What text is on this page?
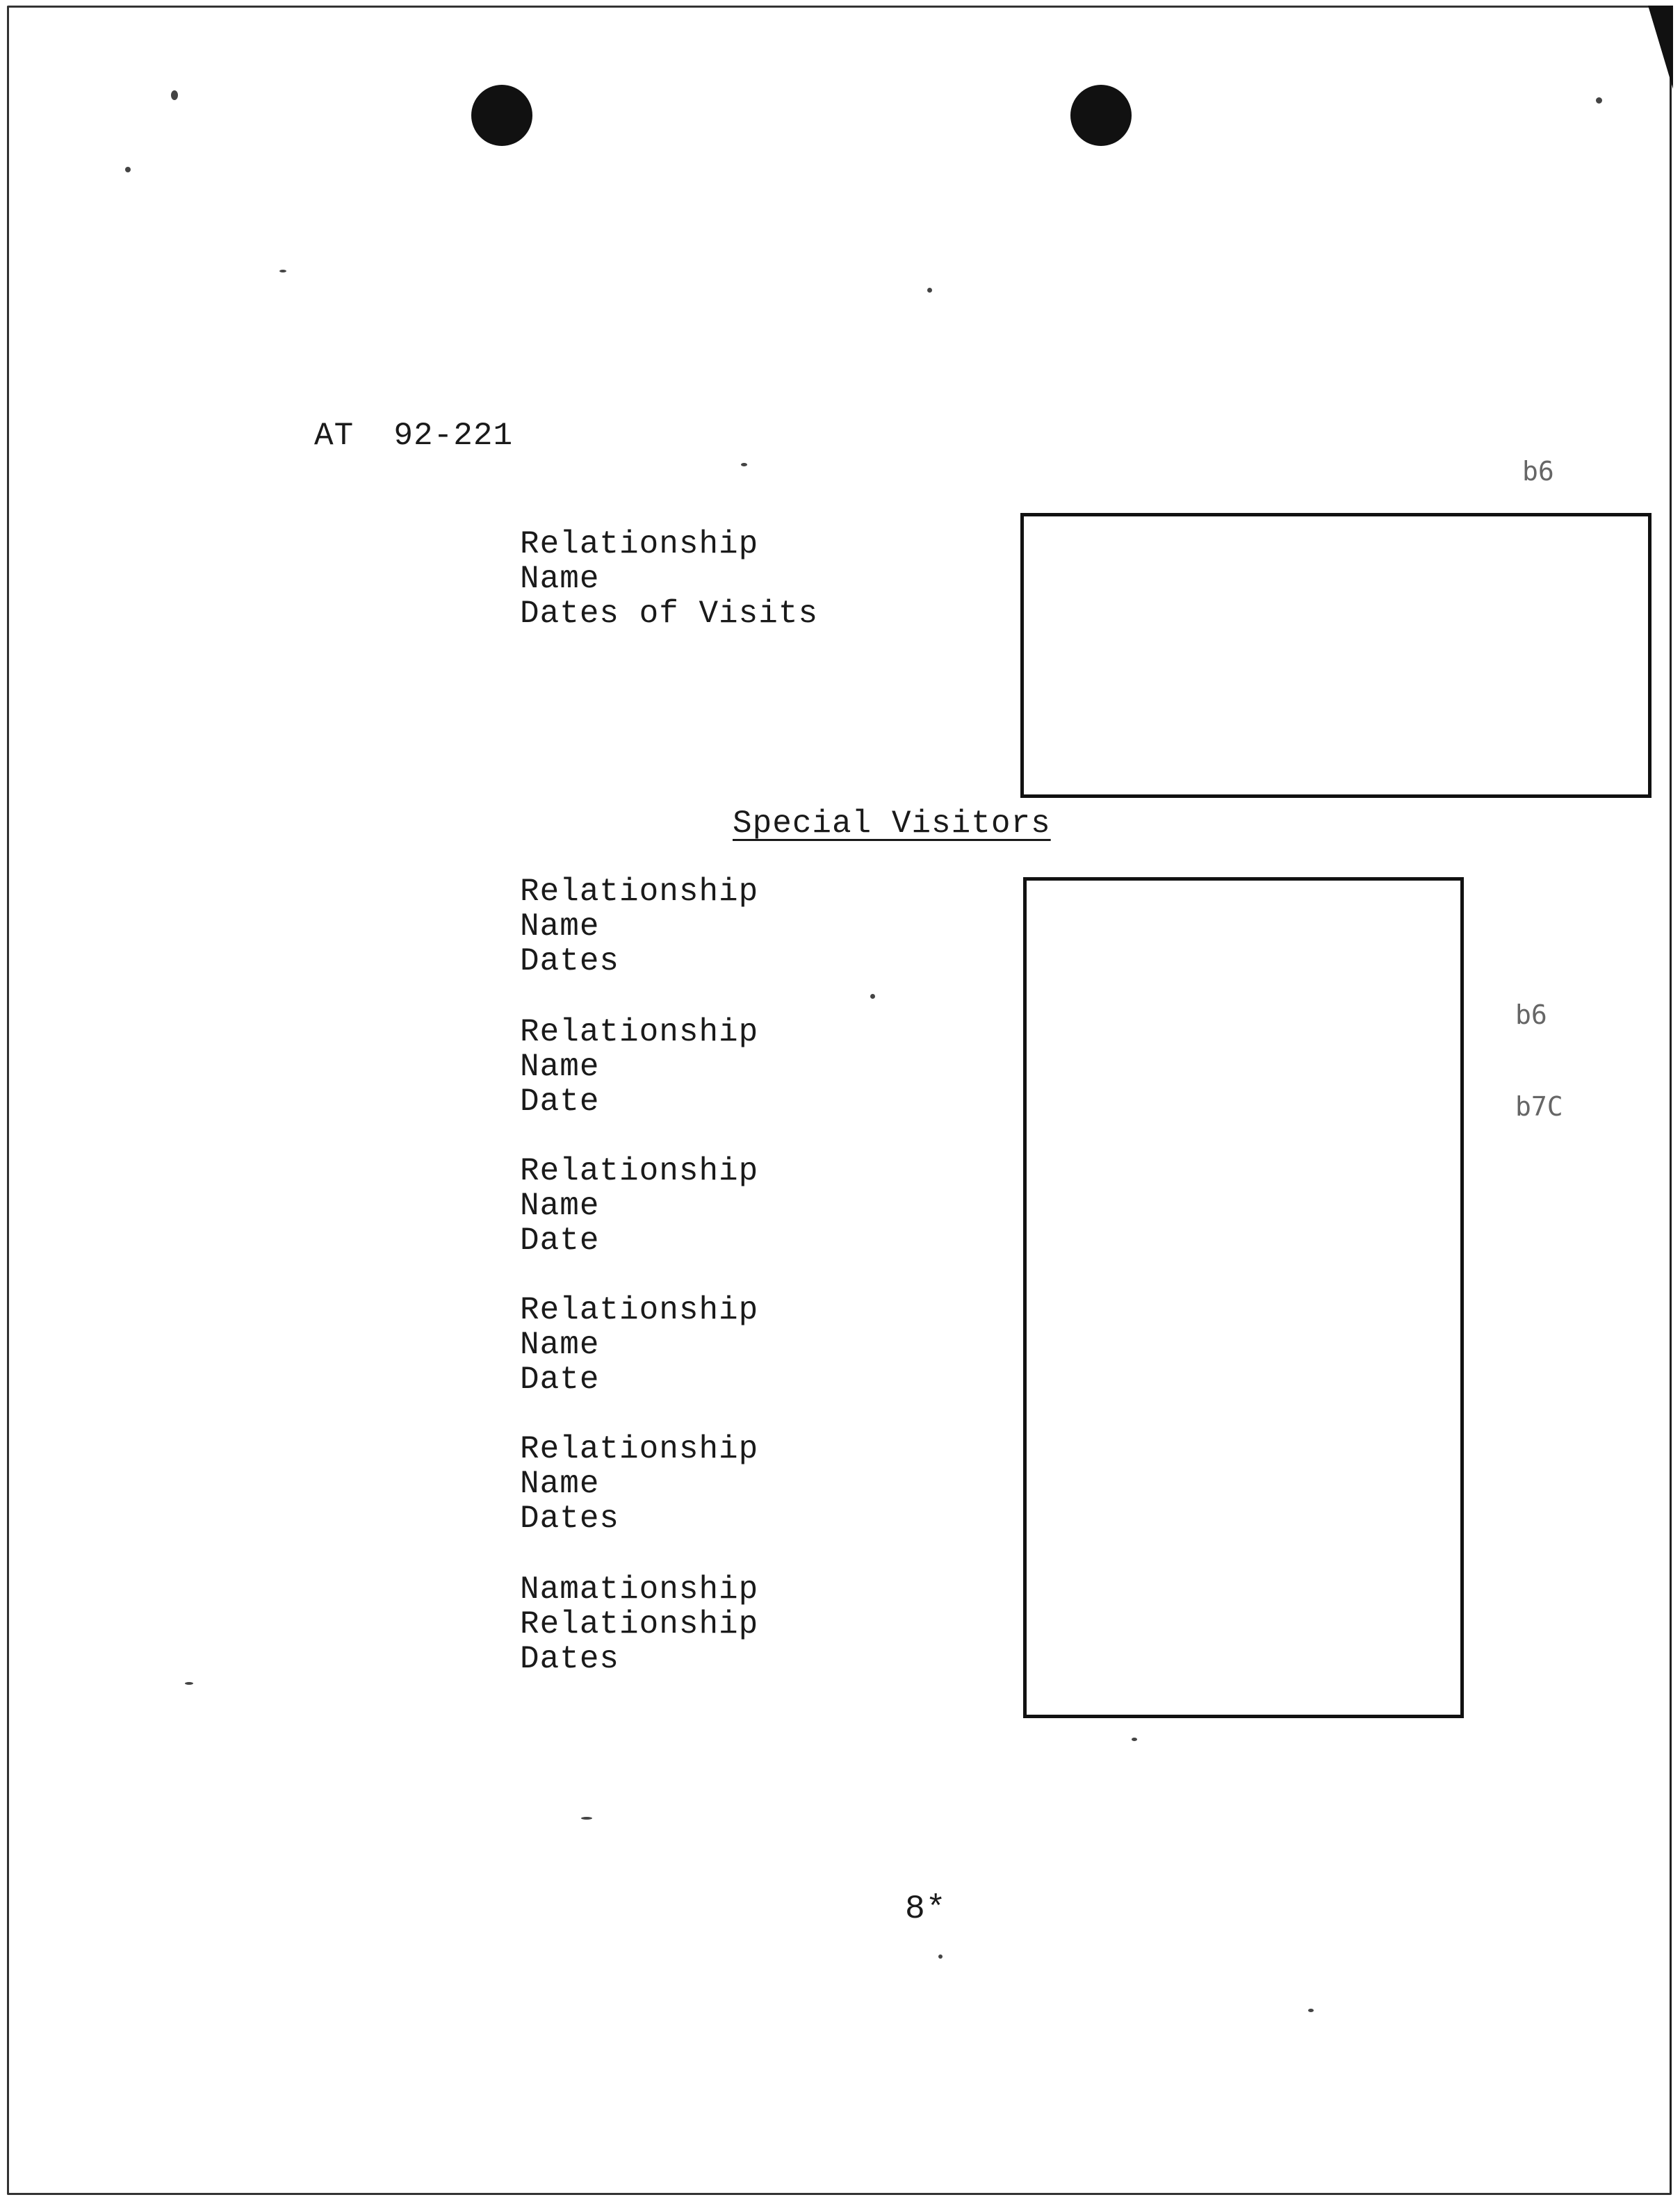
AT  92-221

b6

Relationship
Name
Dates of Visits
Special Visitors
Relationship
Name
Dates
Relationship
Name
Date
Relationship
Name
Date
Relationship
Name
Date
Relationship
Name
Dates
Namationship
Relationship
Dates

b6

b7C

8*
